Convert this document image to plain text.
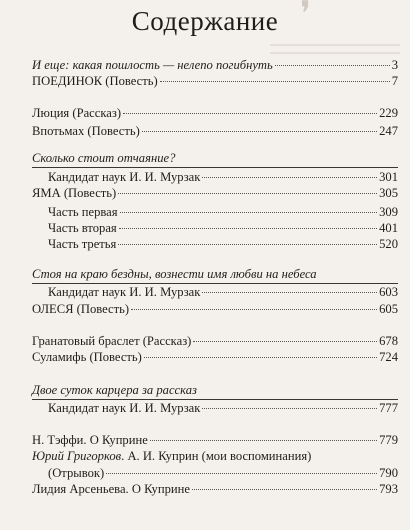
❜
Содержание
И еще: какая пошлость — нелепо погибнуть	3
ПОЕДИНОК (Повесть)	7
Люция (Рассказ)	229
Впотьмах (Повесть)	247
Сколько стоит отчаяние?
Кандидат наук И. И. Мурзак	301
ЯМА (Повесть)	305
Часть первая	309
Часть вторая	401
Часть третья	520
Стоя на краю бездны, вознести имя любви на небеса
Кандидат наук И. И. Мурзак	603
ОЛЕСЯ (Повесть)	605
Гранатовый браслет (Рассказ)	678
Суламифь (Повесть)	724
Двое суток карцера за рассказ
Кандидат наук И. И. Мурзак	777
Н. Тэффи. О Куприне	779
Юрий Григорков. А. И. Куприн (мои воспоминания)
(Отрывок)	790
Лидия Арсеньева. О Куприне	793
